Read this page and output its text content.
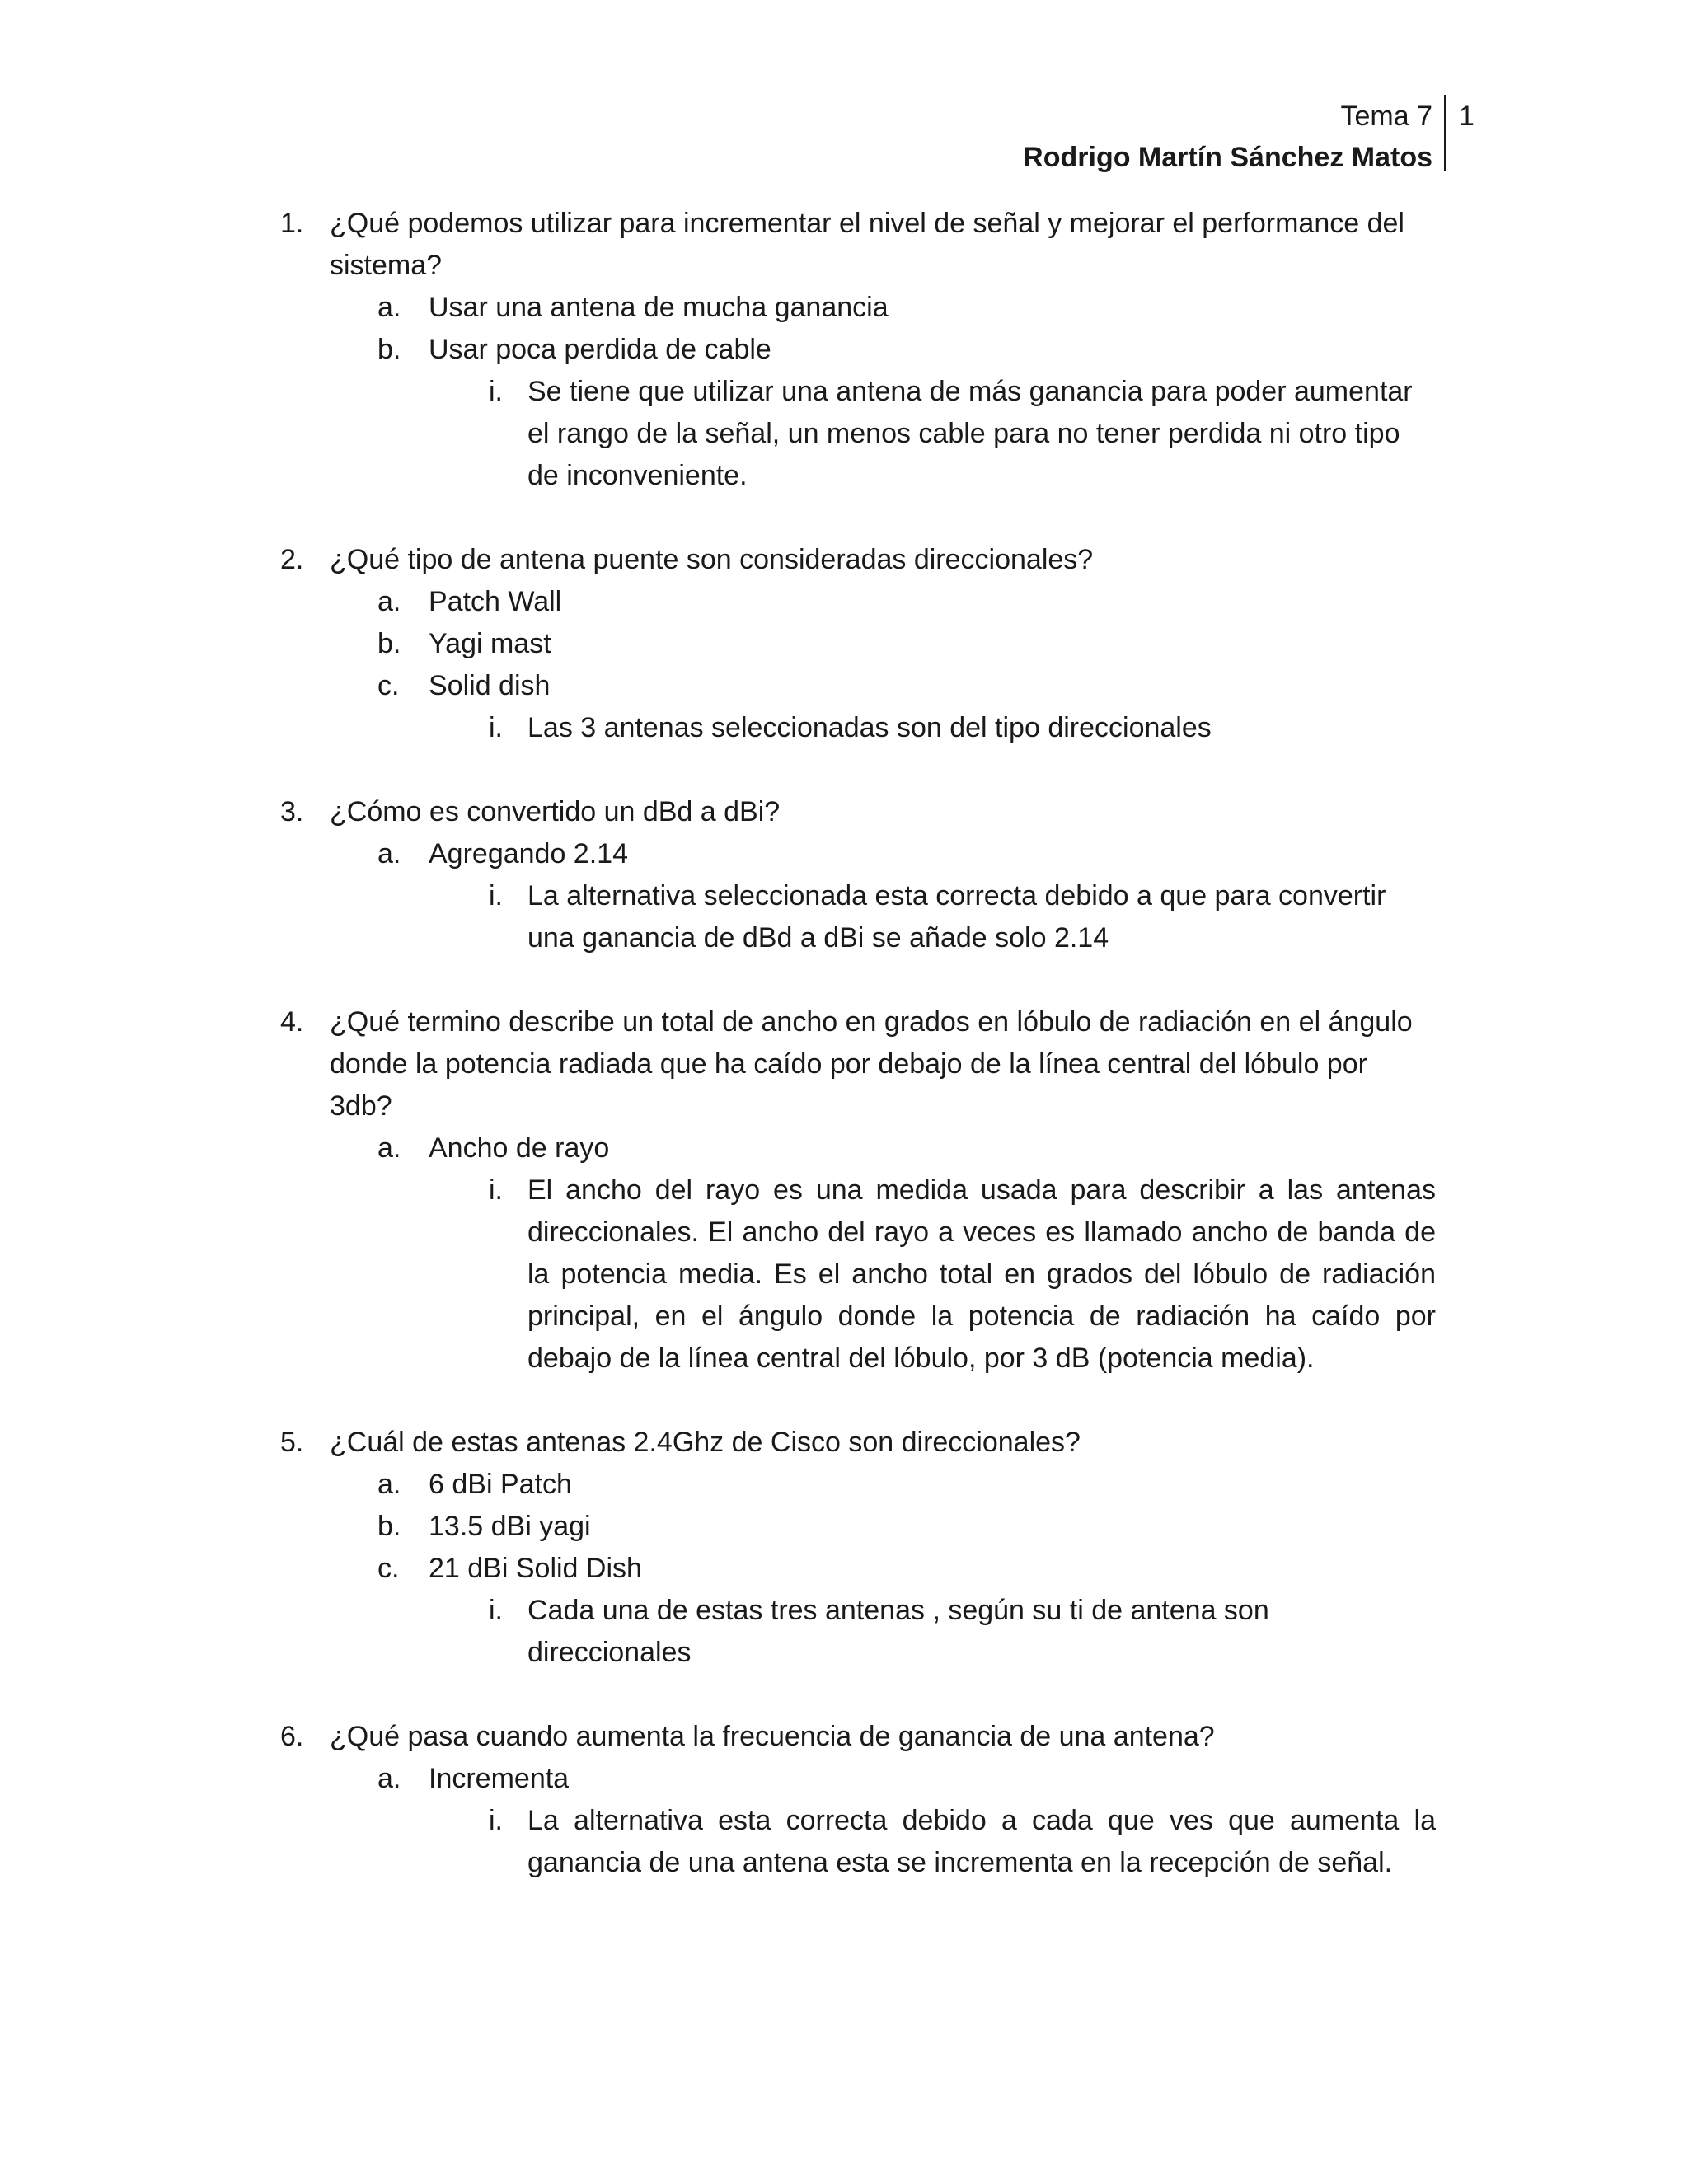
Tema 7
Rodrigo Martín Sánchez Matos
1
1. ¿Qué podemos utilizar para incrementar el nivel de señal y mejorar el performance del sistema?
a. Usar una antena de mucha ganancia
b. Usar poca perdida de cable
i. Se tiene que utilizar una antena de más ganancia para poder aumentar el rango de la señal, un menos cable para no tener perdida ni otro tipo de inconveniente.
2. ¿Qué tipo de antena puente son consideradas direccionales?
a. Patch Wall
b. Yagi mast
c. Solid dish
i. Las 3 antenas seleccionadas son del tipo direccionales
3. ¿Cómo es convertido un dBd a dBi?
a. Agregando 2.14
i. La alternativa seleccionada esta correcta debido a que para convertir una ganancia de dBd a dBi se añade solo 2.14
4. ¿Qué termino describe un total de ancho en grados en lóbulo de radiación en el ángulo donde la potencia radiada que ha caído por debajo de la línea central del lóbulo por 3db?
a. Ancho de rayo
i. El ancho del rayo es una medida usada para describir a las antenas direccionales. El ancho del rayo a veces es llamado ancho de banda de la potencia media. Es el ancho total en grados del lóbulo de radiación principal, en el ángulo donde la potencia de radiación ha caído por debajo de la línea central del lóbulo, por 3 dB (potencia media).
5. ¿Cuál de estas antenas 2.4Ghz de Cisco son direccionales?
a. 6 dBi Patch
b. 13.5 dBi yagi
c. 21 dBi Solid Dish
i. Cada una de estas tres antenas , según su ti de antena son direccionales
6. ¿Qué pasa cuando aumenta la frecuencia de ganancia de una antena?
a. Incrementa
i. La alternativa esta correcta debido a cada que ves que aumenta la ganancia de una antena esta se incrementa en la recepción de señal.
